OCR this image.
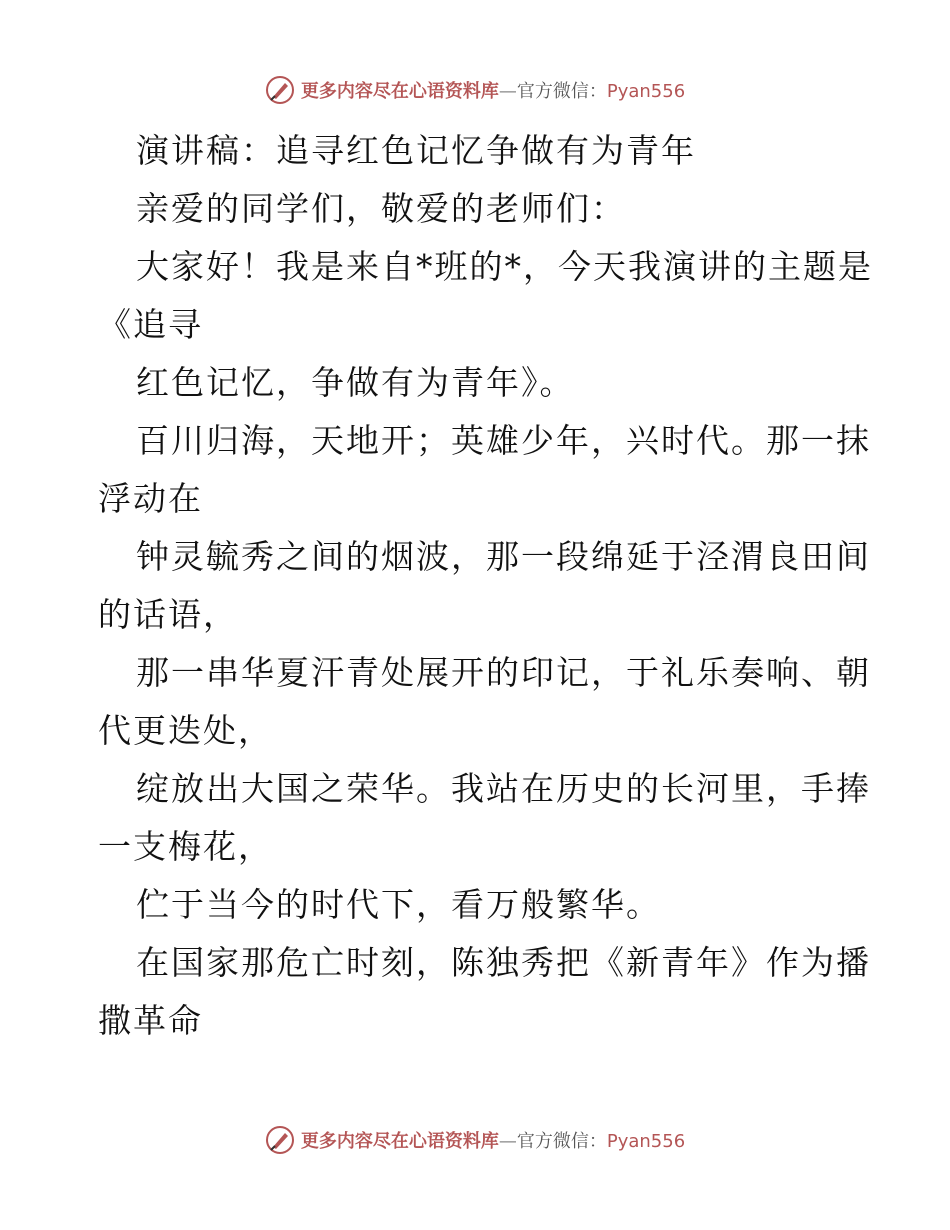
更多内容尽在心语资料库—官方微信：Pyan556
演讲稿：追寻红色记忆争做有为青年
亲爱的同学们，敬爱的老师们：
大家好！我是来自*班的*，今天我演讲的主题是
《追寻
红色记忆，争做有为青年》。
百川归海，天地开；英雄少年，兴时代。那一抹
浮动在
钟灵毓秀之间的烟波，那一段绵延于泾渭良田间
的话语，
那一串华夏汗青处展开的印记，于礼乐奏响、朝
代更迭处，
绽放出大国之荣华。我站在历史的长河里，手捧
一支梅花，
伫于当今的时代下，看万般繁华。
在国家那危亡时刻，陈独秀把《新青年》作为播
撒革命
更多内容尽在心语资料库—官方微信：Pyan556
